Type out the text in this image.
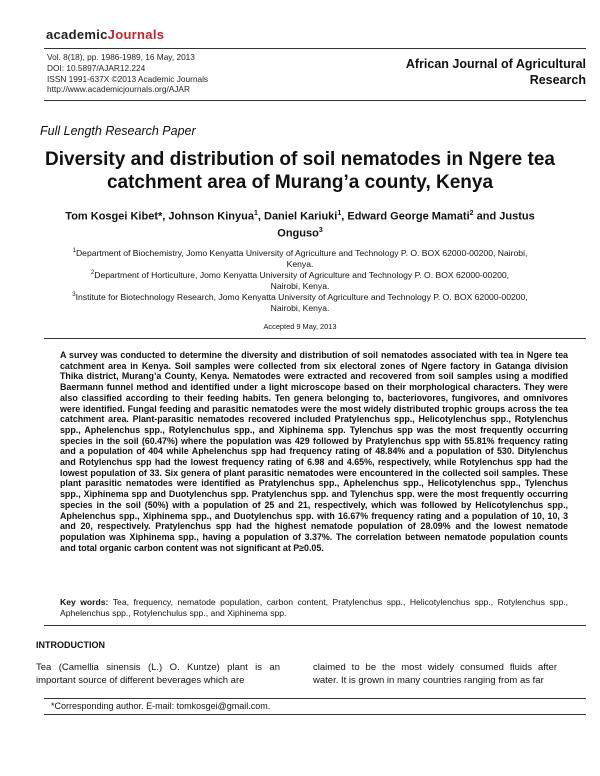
academicJournals
Vol. 8(18), pp. 1986-1989, 16 May, 2013
DOI: 10.5897/AJAR12.224
ISSN 1991-637X ©2013 Academic Journals
http://www.academicjournals.org/AJAR
African Journal of Agricultural
Research
Full Length Research Paper
Diversity and distribution of soil nematodes in Ngere tea catchment area of Murang’a county, Kenya
Tom Kosgei Kibet*, Johnson Kinyua$^1$, Daniel Kariuki$^1$, Edward George Mamati$^2$ and Justus Onguso$^3$
$^1$Department of Biochemistry, Jomo Kenyatta University of Agriculture and Technology P. O. BOX 62000-00200, Nairobi,
Kenya.
$^2$Department of Horticulture, Jomo Kenyatta University of Agriculture and Technology P. O. BOX 62000-00200,
Nairobi, Kenya.
$^3$Institute for Biotechnology Research, Jomo Kenyatta University of Agriculture and Technology P. O. BOX 62000-00200,
Nairobi, Kenya.
Accepted 9 May, 2013
A survey was conducted to determine the diversity and distribution of soil nematodes associated with tea in Ngere tea catchment area in Kenya. Soil samples were collected from six electoral zones of Ngere factory in Gatanga division Thika district, Murang’a County, Kenya. Nematodes were extracted and recovered from soil samples using a modified Baermann funnel method and identified under a light microscope based on their morphological characters. They were also classified according to their feeding habits. Ten genera belonging to, bacteriovores, fungivores, and omnivores were identified. Fungal feeding and parasitic nematodes were the most widely distributed trophic groups across the tea catchment area. Plant-parasitic nematodes recovered included Pratylenchus spp., Helicotylenchus spp., Rotylenchus spp., Aphelenchus spp., Rotylenchulus spp., and Xiphinema spp. Tylenchus spp was the most frequently occurring species in the soil (60.47%) where the population was 429 followed by Pratylenchus spp with 55.81% frequency rating and a population of 404 while Aphelenchus spp had frequency rating of 48.84% and a population of 530. Ditylenchus and Rotylenchus spp had the lowest frequency rating of 6.98 and 4.65%, respectively, while Rotylenchus spp had the lowest population of 33. Six genera of plant parasitic nematodes were encountered in the collected soil samples. These plant parasitic nematodes were identified as Pratylenchus spp., Aphelenchus spp., Helicotylenchus spp., Tylenchus spp., Xiphinema spp and Duotylenchus spp. Pratylenchus spp. and Tylenchus spp. were the most frequently occurring species in the soil (50%) with a population of 25 and 21, respectively, which was followed by Helicotylenchus spp., Aphelenchus spp., Xiphinema spp., and Duotylenchus spp. with 16.67% frequency rating and a population of 10, 10, 3 and 20, respectively. Pratylenchus spp had the highest nematode population of 28.09% and the lowest nematode population was Xiphinema spp., having a population of 3.37%. The correlation between nematode population counts and total organic carbon content was not significant at P≥0.05.
Key words: Tea, frequency, nematode population, carbon content, Pratylenchus spp., Helicotylenchus spp., Rotylenchus spp., Aphelenchus spp., Rotylenchulus spp., and Xiphinema spp.
INTRODUCTION
Tea (Camellia sinensis (L.) O. Kuntze) plant is an important source of different beverages which are
claimed to be the most widely consumed fluids after water. It is grown in many countries ranging from as far
*Corresponding author. E-mail: tomkosgei@gmail.com.
